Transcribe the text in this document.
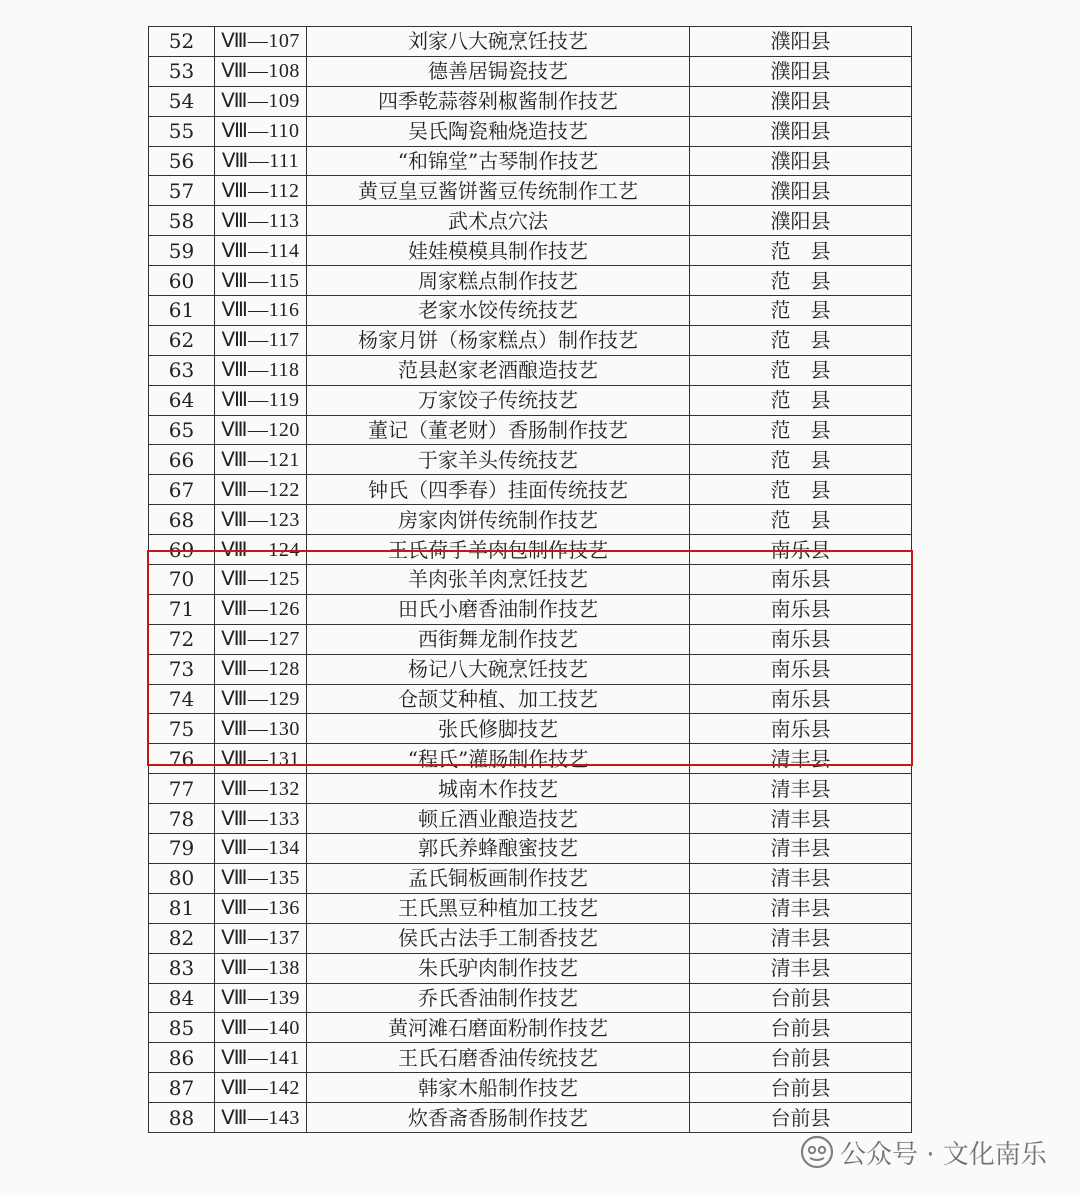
52	Ⅷ—107	刘家八大碗烹饪技艺	濮阳县
53	Ⅷ—108	德善居锔瓷技艺	濮阳县
54	Ⅷ—109	四季乾蒜蓉剁椒酱制作技艺	濮阳县
55	Ⅷ—110	吴氏陶瓷釉烧造技艺	濮阳县
56	Ⅷ—111	“和锦堂”古琴制作技艺	濮阳县
57	Ⅷ—112	黄豆皇豆酱饼酱豆传统制作工艺	濮阳县
58	Ⅷ—113	武术点穴法	濮阳县
59	Ⅷ—114	娃娃模模具制作技艺	范　县
60	Ⅷ—115	周家糕点制作技艺	范　县
61	Ⅷ—116	老家水饺传统技艺	范　县
62	Ⅷ—117	杨家月饼（杨家糕点）制作技艺	范　县
63	Ⅷ—118	范县赵家老酒酿造技艺	范　县
64	Ⅷ—119	万家饺子传统技艺	范　县
65	Ⅷ—120	董记（董老财）香肠制作技艺	范　县
66	Ⅷ—121	于家羊头传统技艺	范　县
67	Ⅷ—122	钟氏（四季春）挂面传统技艺	范　县
68	Ⅷ—123	房家肉饼传统制作技艺	范　县
69	Ⅷ—124	王氏荷手羊肉包制作技艺	南乐县
70	Ⅷ—125	羊肉张羊肉烹饪技艺	南乐县
71	Ⅷ—126	田氏小磨香油制作技艺	南乐县
72	Ⅷ—127	西街舞龙制作技艺	南乐县
73	Ⅷ—128	杨记八大碗烹饪技艺	南乐县
74	Ⅷ—129	仓颉艾种植、加工技艺	南乐县
75	Ⅷ—130	张氏修脚技艺	南乐县
76	Ⅷ—131	“程氏”灌肠制作技艺	清丰县
77	Ⅷ—132	城南木作技艺	清丰县
78	Ⅷ—133	顿丘酒业酿造技艺	清丰县
79	Ⅷ—134	郭氏养蜂酿蜜技艺	清丰县
80	Ⅷ—135	孟氏铜板画制作技艺	清丰县
81	Ⅷ—136	王氏黑豆种植加工技艺	清丰县
82	Ⅷ—137	侯氏古法手工制香技艺	清丰县
83	Ⅷ—138	朱氏驴肉制作技艺	清丰县
84	Ⅷ—139	乔氏香油制作技艺	台前县
85	Ⅷ—140	黄河滩石磨面粉制作技艺	台前县
86	Ⅷ—141	王氏石磨香油传统技艺	台前县
87	Ⅷ—142	韩家木船制作技艺	台前县
88	Ⅷ—143	炊香斋香肠制作技艺	台前县
公众号 · 文化南乐
